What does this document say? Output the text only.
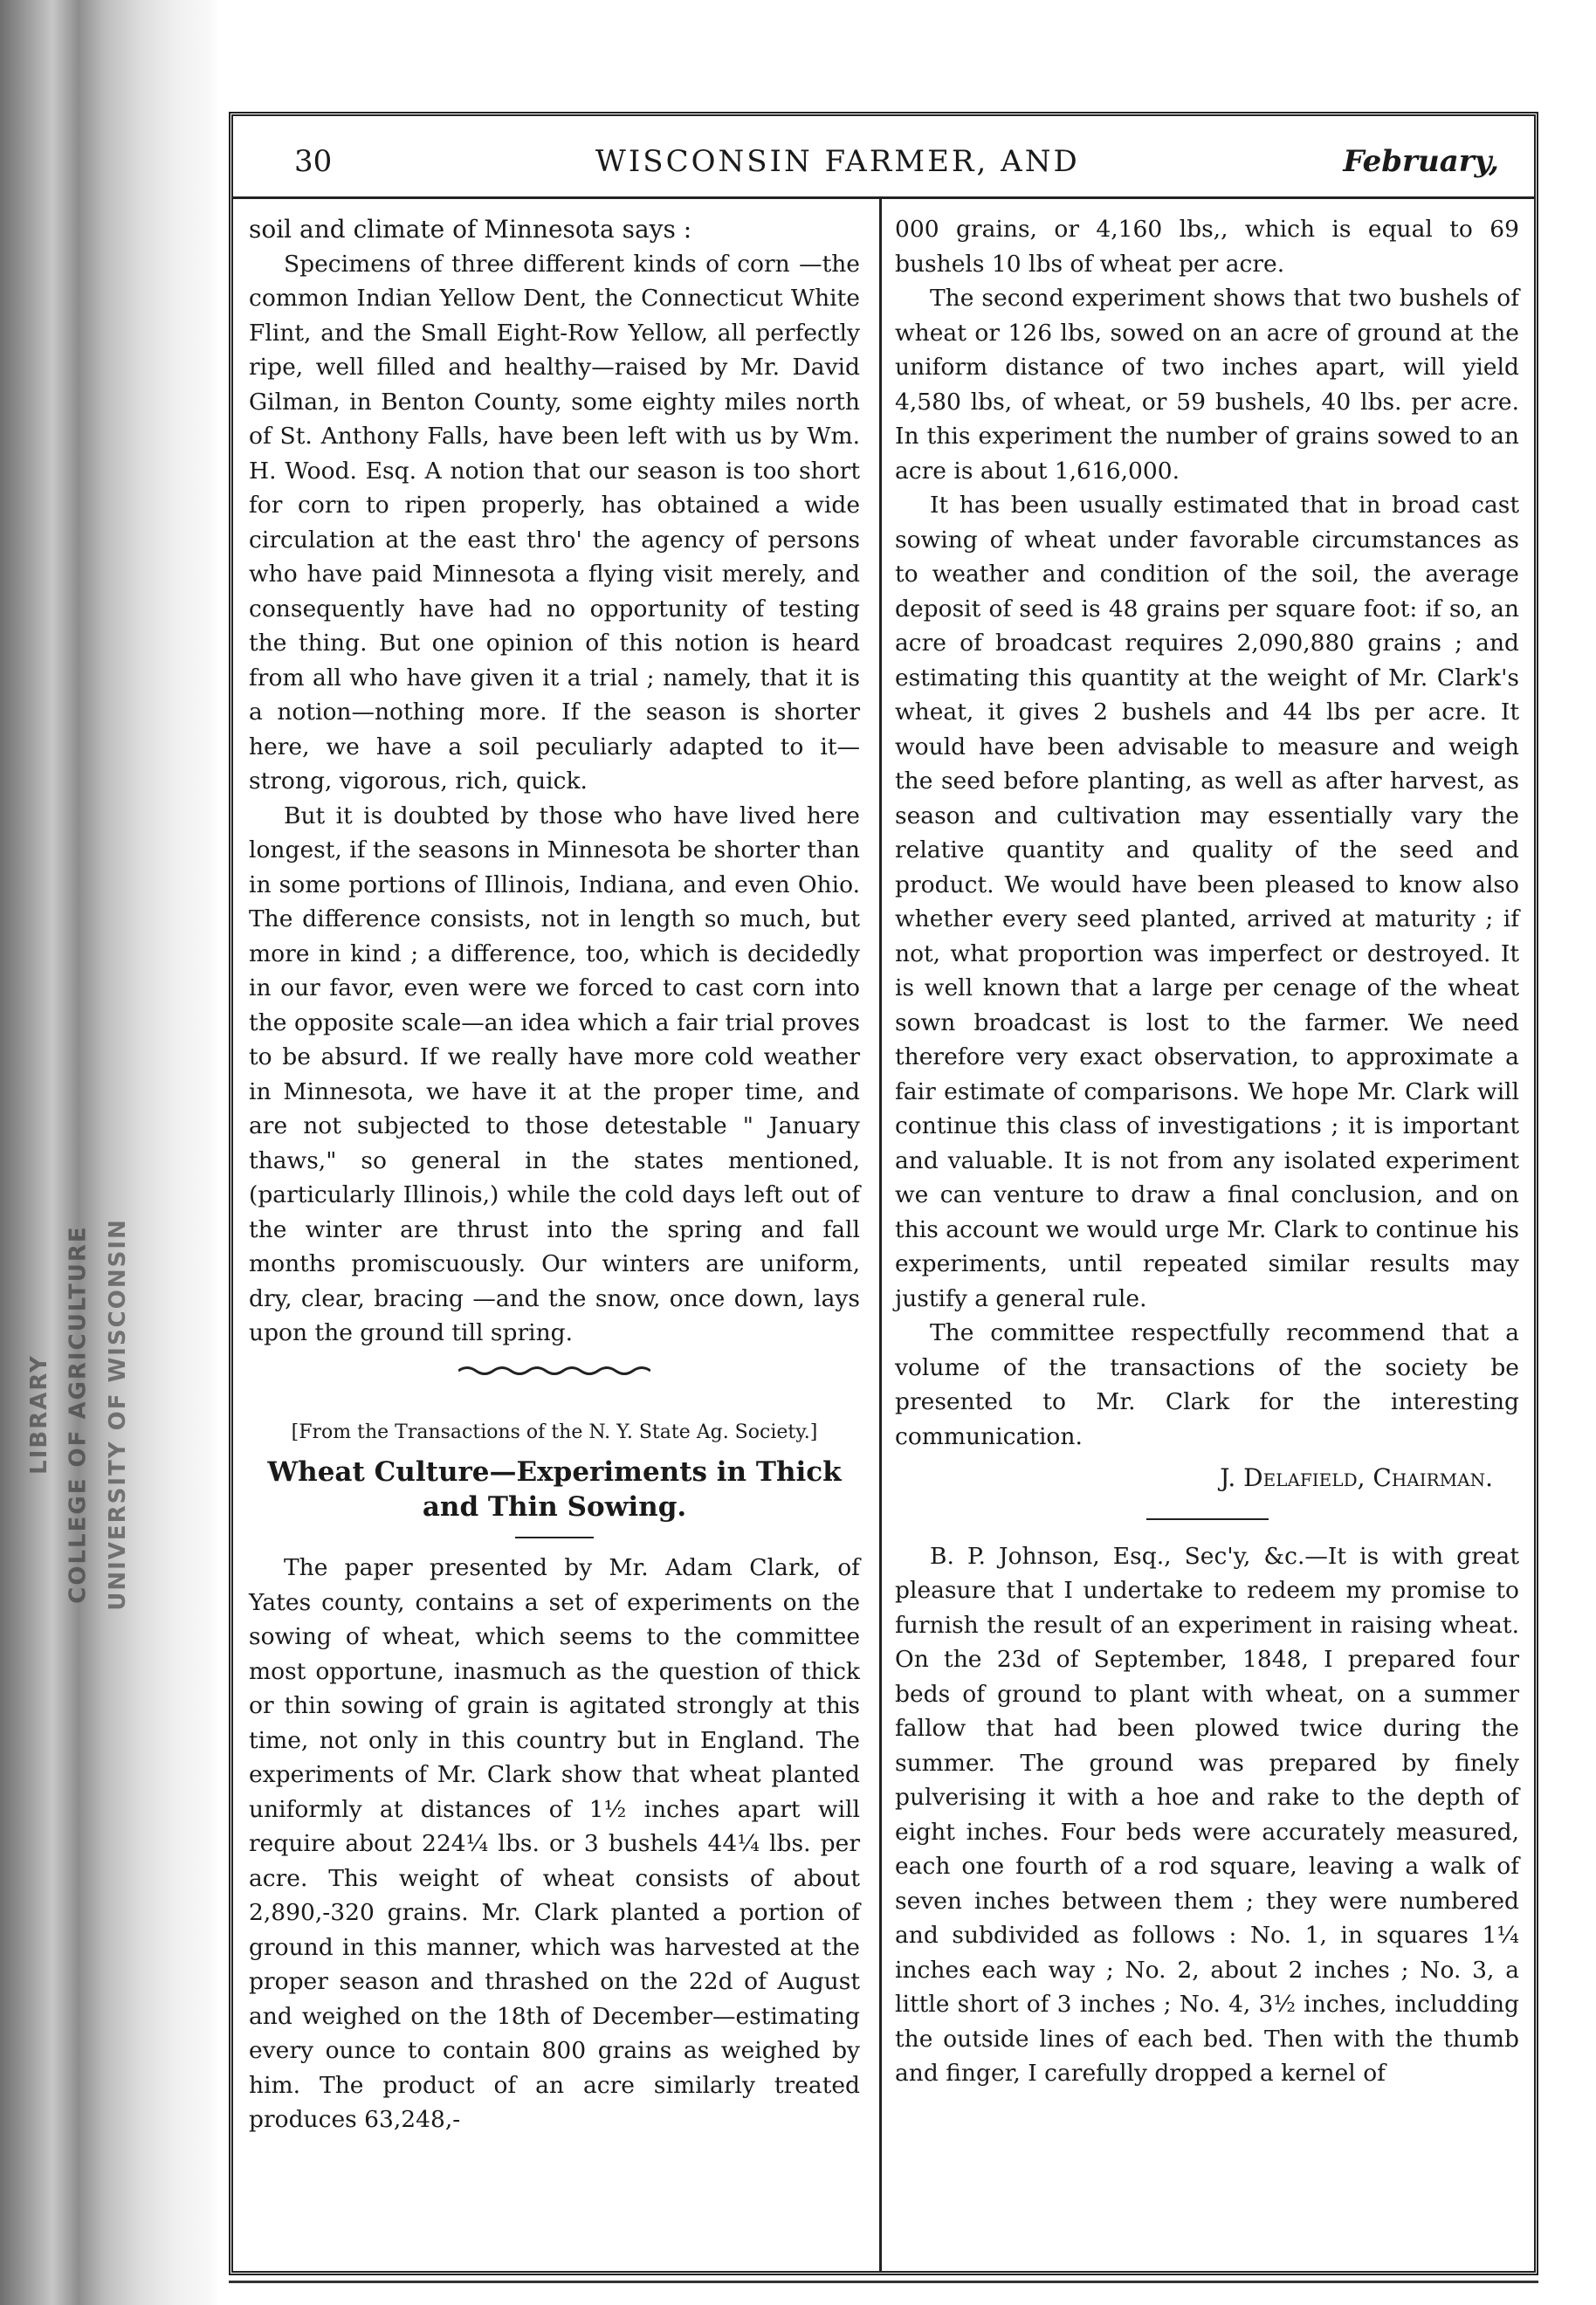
LIBRARY COLLEGE OF AGRICULTURE UNIVERSITY OF WISCONSIN
30	WISCONSIN FARMER, AND	February,

soil and climate of Minnesota says :

Specimens of three different kinds of corn —the common Indian Yellow Dent, the Connecticut White Flint, and the Small Eight-Row Yellow, all perfectly ripe, well filled and healthy—raised by Mr. David Gilman, in Benton County, some eighty miles north of St. Anthony Falls, have been left with us by Wm. H. Wood. Esq. A notion that our season is too short for corn to ripen properly, has obtained a wide circulation at the east thro' the agency of persons who have paid Minnesota a flying visit merely, and consequently have had no opportunity of testing the thing. But one opinion of this notion is heard from all who have given it a trial ; namely, that it is a notion—nothing more. If the season is shorter here, we have a soil peculiarly adapted to it—strong, vigorous, rich, quick.

But it is doubted by those who have lived here longest, if the seasons in Minnesota be shorter than in some portions of Illinois, Indiana, and even Ohio. The difference consists, not in length so much, but more in kind ; a difference, too, which is decidedly in our favor, even were we forced to cast corn into the opposite scale—an idea which a fair trial proves to be absurd. If we really have more cold weather in Minnesota, we have it at the proper time, and are not subjected to those detestable " January thaws," so general in the states mentioned, (particularly Illinois,) while the cold days left out of the winter are thrust into the spring and fall months promiscuously. Our winters are uniform, dry, clear, bracing —and the snow, once down, lays upon the ground till spring.

[From the Transactions of the N. Y. State Ag. Society.]

Wheat Culture—Experiments in Thick and Thin Sowing.

The paper presented by Mr. Adam Clark, of Yates county, contains a set of experiments on the sowing of wheat, which seems to the committee most opportune, inasmuch as the question of thick or thin sowing of grain is agitated strongly at this time, not only in this country but in England. The experiments of Mr. Clark show that wheat planted uniformly at distances of 1½ inches apart will require about 224¼ lbs. or 3 bushels 44¼ lbs. per acre. This weight of wheat consists of about 2,890,-320 grains. Mr. Clark planted a portion of ground in this manner, which was harvested at the proper season and thrashed on the 22d of August and weighed on the 18th of December—estimating every ounce to contain 800 grains as weighed by him. The product of an acre similarly treated produces 63,248,-

000 grains, or 4,160 lbs,, which is equal to 69 bushels 10 lbs of wheat per acre.

The second experiment shows that two bushels of wheat or 126 lbs, sowed on an acre of ground at the uniform distance of two inches apart, will yield 4,580 lbs, of wheat, or 59 bushels, 40 lbs. per acre. In this experiment the number of grains sowed to an acre is about 1,616,000.

It has been usually estimated that in broad cast sowing of wheat under favorable circumstances as to weather and condition of the soil, the average deposit of seed is 48 grains per square foot: if so, an acre of broadcast requires 2,090,880 grains ; and estimating this quantity at the weight of Mr. Clark's wheat, it gives 2 bushels and 44 lbs per acre. It would have been advisable to measure and weigh the seed before planting, as well as after harvest, as season and cultivation may essentially vary the relative quantity and quality of the seed and product. We would have been pleased to know also whether every seed planted, arrived at maturity ; if not, what proportion was imperfect or destroyed. It is well known that a large per cenage of the wheat sown broadcast is lost to the farmer. We need therefore very exact observation, to approximate a fair estimate of comparisons. We hope Mr. Clark will continue this class of investigations ; it is important and valuable. It is not from any isolated experiment we can venture to draw a final conclusion, and on this account we would urge Mr. Clark to continue his experiments, until repeated similar results may justify a general rule.

The committee respectfully recommend that a volume of the transactions of the society be presented to Mr. Clark for the interesting communication.

J. Delafield, Chairman.

B. P. Johnson, Esq., Sec'y, &c.—It is with great pleasure that I undertake to redeem my promise to furnish the result of an experiment in raising wheat. On the 23d of September, 1848, I prepared four beds of ground to plant with wheat, on a summer fallow that had been plowed twice during the summer. The ground was prepared by finely pulverising it with a hoe and rake to the depth of eight inches. Four beds were accurately measured, each one fourth of a rod square, leaving a walk of seven inches between them ; they were numbered and subdivided as follows : No. 1, in squares 1¼ inches each way ; No. 2, about 2 inches ; No. 3, a little short of 3 inches ; No. 4, 3½ inches, includding the outside lines of each bed. Then with the thumb and finger, I carefully dropped a kernel of
